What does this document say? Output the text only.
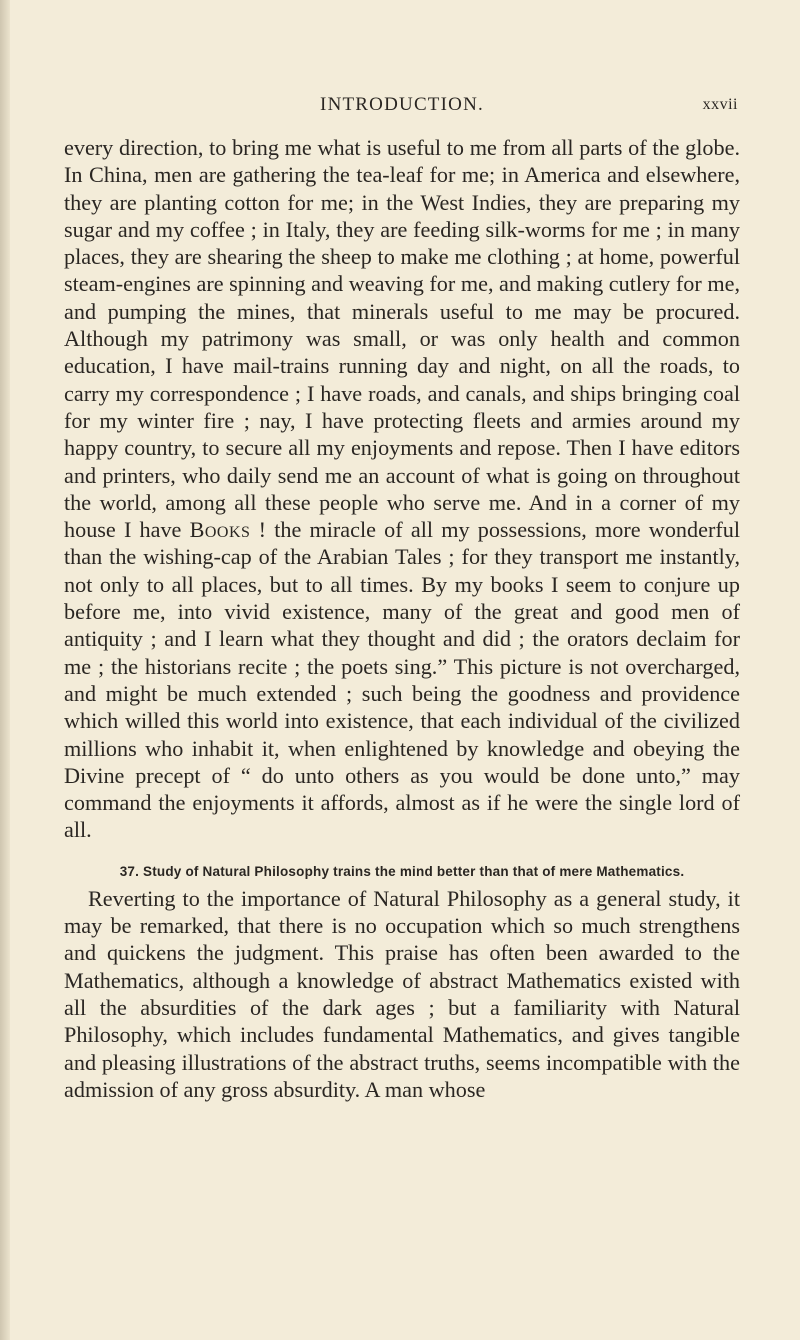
INTRODUCTION.	xxvii

every direction, to bring me what is useful to me from all parts of the globe. In China, men are gathering the tea-leaf for me; in America and elsewhere, they are planting cotton for me; in the West Indies, they are preparing my sugar and my coffee ; in Italy, they are feeding silk-worms for me ; in many places, they are shearing the sheep to make me clothing ; at home, powerful steam-engines are spinning and weaving for me, and making cutlery for me, and pumping the mines, that minerals useful to me may be procured. Although my patrimony was small, or was only health and common education, I have mail-trains running day and night, on all the roads, to carry my correspondence ; I have roads, and canals, and ships bringing coal for my winter fire ; nay, I have protecting fleets and armies around my happy country, to secure all my enjoyments and repose. Then I have editors and printers, who daily send me an account of what is going on throughout the world, among all these people who serve me. And in a corner of my house I have Books ! the miracle of all my possessions, more wonderful than the wishing-cap of the Arabian Tales ; for they transport me instantly, not only to all places, but to all times. By my books I seem to conjure up before me, into vivid existence, many of the great and good men of antiquity ; and I learn what they thought and did ; the orators declaim for me ; the historians recite ; the poets sing.” This picture is not overcharged, and might be much extended ; such being the goodness and providence which willed this world into existence, that each individual of the civilized millions who inhabit it, when enlightened by knowledge and obeying the Divine precept of “ do unto others as you would be done unto,” may command the enjoyments it affords, almost as if he were the single lord of all.

37. Study of Natural Philosophy trains the mind better than that of mere Mathematics.

Reverting to the importance of Natural Philosophy as a general study, it may be remarked, that there is no occupation which so much strengthens and quickens the judgment. This praise has often been awarded to the Mathematics, although a knowledge of abstract Mathematics existed with all the absurdities of the dark ages ; but a familiarity with Natural Philosophy, which includes fundamental Mathematics, and gives tangible and pleasing illustrations of the abstract truths, seems incompatible with the admission of any gross absurdity. A man whose
